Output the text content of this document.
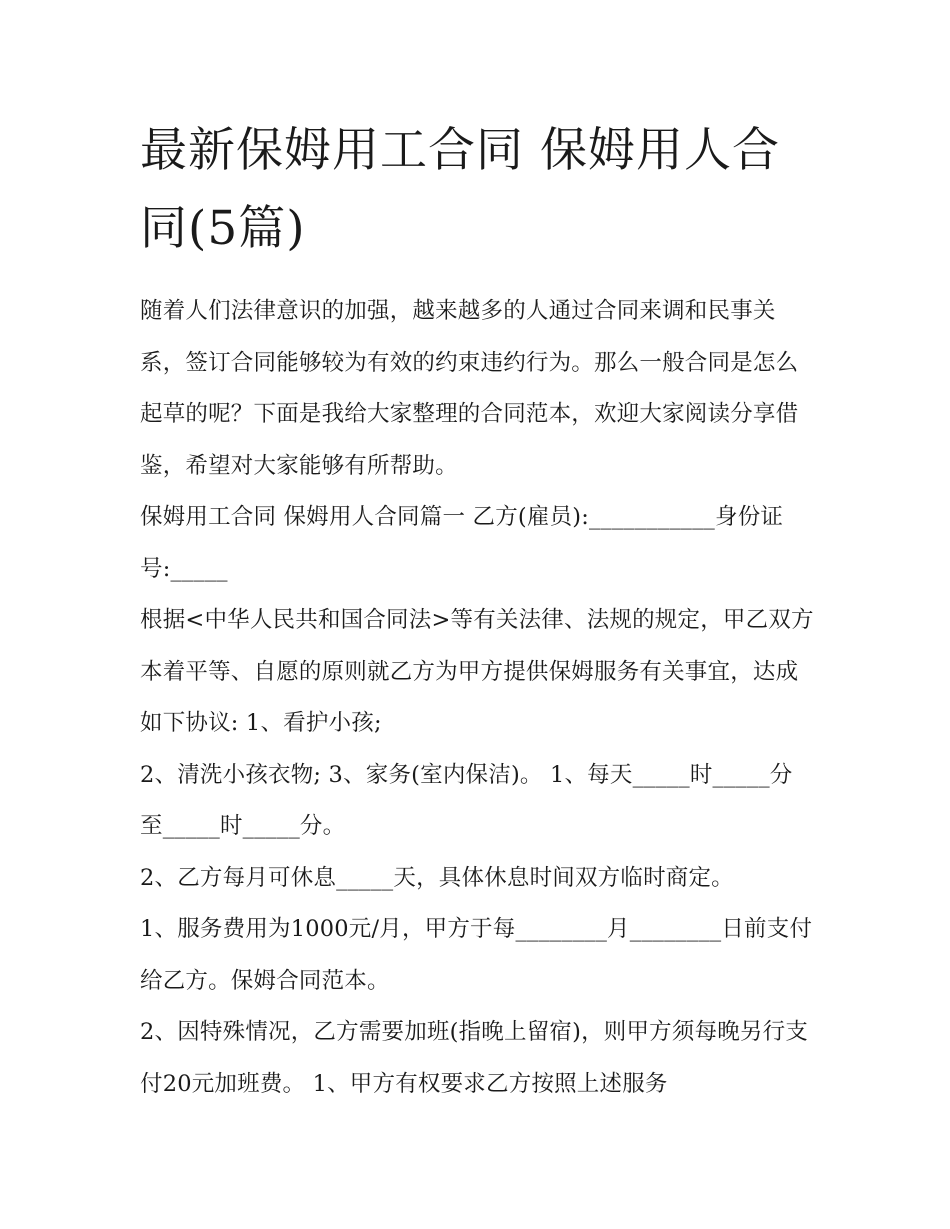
最新保姆用工合同 保姆用人合同(5篇)

随着人们法律意识的加强，越来越多的人通过合同来调和民事关系，签订合同能够较为有效的约束违约行为。那么一般合同是怎么起草的呢？下面是我给大家整理的合同范本，欢迎大家阅读分享借鉴，希望对大家能够有所帮助。

保姆用工合同 保姆用人合同篇一 乙方(雇员):___________身份证号:_____

根据<中华人民共和国合同法>等有关法律、法规的规定，甲乙双方本着平等、自愿的原则就乙方为甲方提供保姆服务有关事宜，达成如下协议: 1、看护小孩;

2、清洗小孩衣物; 3、家务(室内保洁)。 1、每天_____时_____分至_____时_____分。

2、乙方每月可休息_____天，具体休息时间双方临时商定。

1、服务费用为1000元/月，甲方于每________月________日前支付给乙方。保姆合同范本。

2、因特殊情况，乙方需要加班(指晚上留宿)，则甲方须每晚另行支付20元加班费。 1、甲方有权要求乙方按照上述服务
